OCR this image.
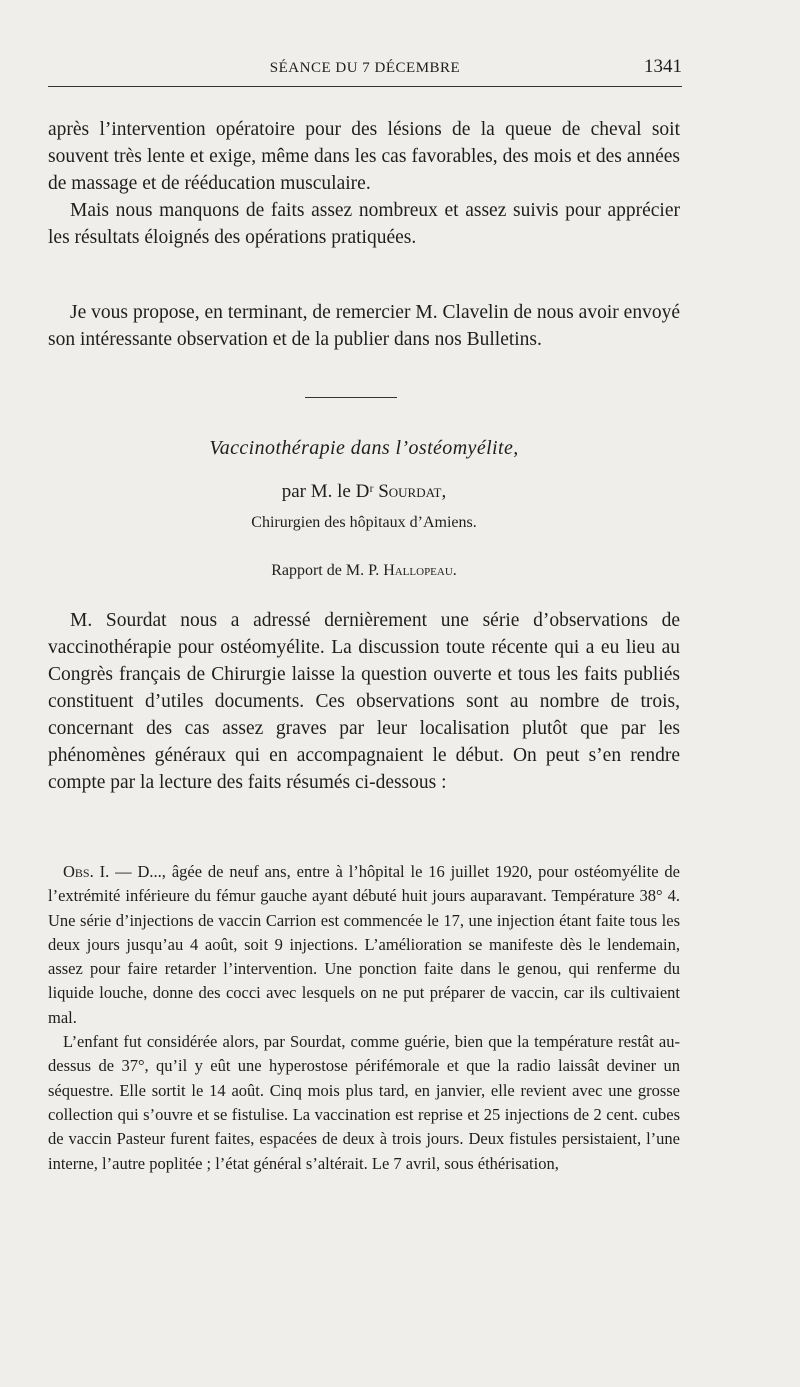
SÉANCE DU 7 DÉCEMBRE	1341

après l’intervention opératoire pour des lésions de la queue de cheval soit souvent très lente et exige, même dans les cas favorables, des mois et des années de massage et de rééducation musculaire.

Mais nous manquons de faits assez nombreux et assez suivis pour apprécier les résultats éloignés des opérations pratiquées.

Je vous propose, en terminant, de remercier M. Clavelin de nous avoir envoyé son intéressante observation et de la publier dans nos Bulletins.

Vaccinothérapie dans l’ostéomyélite,
par M. le Dʳ Sourdat,
Chirurgien des hôpitaux d’Amiens.
Rapport de M. P. Hallopeau.

M. Sourdat nous a adressé dernièrement une série d’observations de vaccinothérapie pour ostéomyélite. La discussion toute récente qui a eu lieu au Congrès français de Chirurgie laisse la question ouverte et tous les faits publiés constituent d’utiles documents. Ces observations sont au nombre de trois, concernant des cas assez graves par leur localisation plutôt que par les phénomènes généraux qui en accompagnaient le début. On peut s’en rendre compte par la lecture des faits résumés ci-dessous :

Obs. I. — D..., âgée de neuf ans, entre à l’hôpital le 16 juillet 1920, pour ostéomyélite de l’extrémité inférieure du fémur gauche ayant débuté huit jours auparavant. Température 38° 4. Une série d’injections de vaccin Carrion est commencée le 17, une injection étant faite tous les deux jours jusqu’au 4 août, soit 9 injections. L’amélioration se manifeste dès le lendemain, assez pour faire retarder l’intervention. Une ponction faite dans le genou, qui renferme du liquide louche, donne des cocci avec lesquels on ne put préparer de vaccin, car ils cultivaient mal.

L’enfant fut considérée alors, par Sourdat, comme guérie, bien que la température restât au-dessus de 37°, qu’il y eût une hyperostose périfémorale et que la radio laissât deviner un séquestre. Elle sortit le 14 août. Cinq mois plus tard, en janvier, elle revient avec une grosse collection qui s’ouvre et se fistulise. La vaccination est reprise et 25 injections de 2 cent. cubes de vaccin Pasteur furent faites, espacées de deux à trois jours. Deux fistules persistaient, l’une interne, l’autre poplitée ; l’état général s’altérait. Le 7 avril, sous éthérisation,
